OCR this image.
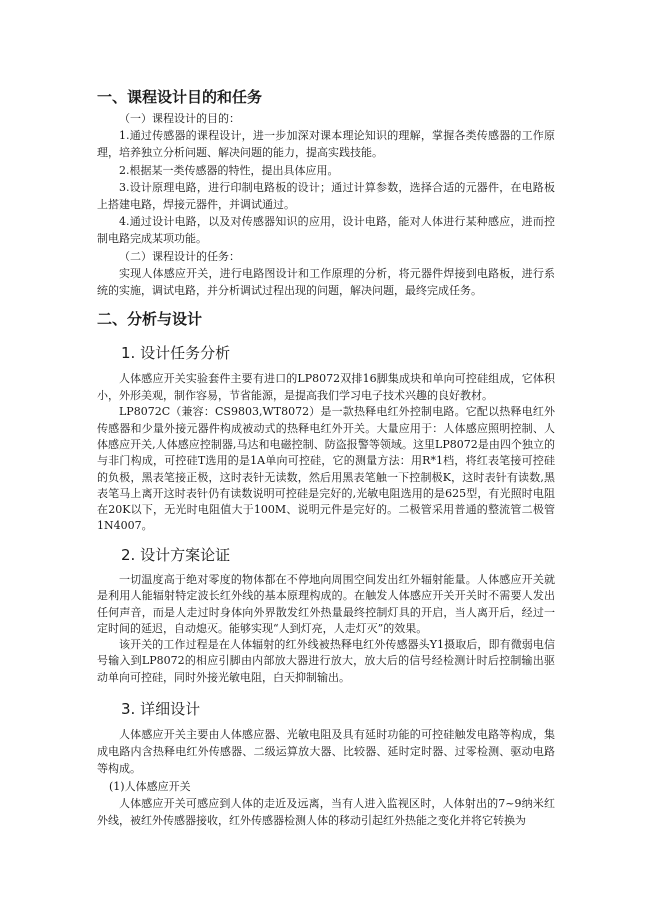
一、课程设计目的和任务

（一）课程设计的目的：

1.通过传感器的课程设计，进一步加深对课本理论知识的理解，掌握各类传感器的工作原理，培养独立分析问题、解决问题的能力，提高实践技能。

2.根据某一类传感器的特性，提出具体应用。

3.设计原理电路，进行印制电路板的设计；通过计算参数，选择合适的元器件，在电路板上搭建电路，焊接元器件，并调试通过。

4.通过设计电路，以及对传感器知识的应用，设计电路，能对人体进行某种感应，进而控制电路完成某项功能。

（二）课程设计的任务：

实现人体感应开关，进行电路图设计和工作原理的分析，将元器件焊接到电路板，进行系统的实施，调试电路，并分析调试过程出现的问题，解决问题，最终完成任务。

二、分析与设计
1. 设计任务分析

人体感应开关实验套件主要有进口的LP8072双排16脚集成块和单向可控硅组成，它体积小，外形美观，制作容易，节省能源，是提高我们学习电子技术兴趣的良好教材。

LP8072C（兼容：CS9803,WT8072）是一款热释电红外控制电路。它配以热释电红外传感器和少量外接元器件构成被动式的热释电红外开关。大量应用于：人体感应照明控制、人体感应开关,人体感应控制器,马达和电磁控制、防盗报警等领域。这里LP8072是由四个独立的与非门构成，可控硅T选用的是1A单向可控硅，它的测量方法：用R*1档，将红表笔接可控硅的负极，黑表笔接正极，这时表针无读数，然后用黑表笔触一下控制极K，这时表针有读数,黑表笔马上离开这时表针仍有读数说明可控硅是完好的,光敏电阻选用的是625型，有光照时电阻在20K以下，无光时电阻值大于100M、说明元件是完好的。二极管采用普通的整流管二极管1N4007。

2. 设计方案论证

一切温度高于绝对零度的物体都在不停地向周围空间发出红外辐射能量。人体感应开关就是利用人能辐射特定波长红外线的基本原理构成的。在触发人体感应开关开关时不需要人发出任何声音，而是人走过时身体向外界散发红外热量最终控制灯具的开启，当人离开后，经过一定时间的延迟，自动熄灭。能够实现“人到灯亮，人走灯灭”的效果。

该开关的工作过程是在人体辐射的红外线被热释电红外传感器头Y1摄取后，即有微弱电信号输入到LP8072的相应引脚由内部放大器进行放大，放大后的信号经检测计时后控制输出驱动单向可控硅，同时外接光敏电阻，白天抑制输出。

3. 详细设计

人体感应开关主要由人体感应器、光敏电阻及具有延时功能的可控硅触发电路等构成，集成电路内含热释电红外传感器、二级运算放大器、比较器、延时定时器、过零检测、驱动电路等构成。

(1)人体感应开关

人体感应开关可感应到人体的走近及远离，当有人进入监视区时，人体射出的7~9纳米红外线，被红外传感器接收，红外传感器检测人体的移动引起红外热能之变化并将它转换为
